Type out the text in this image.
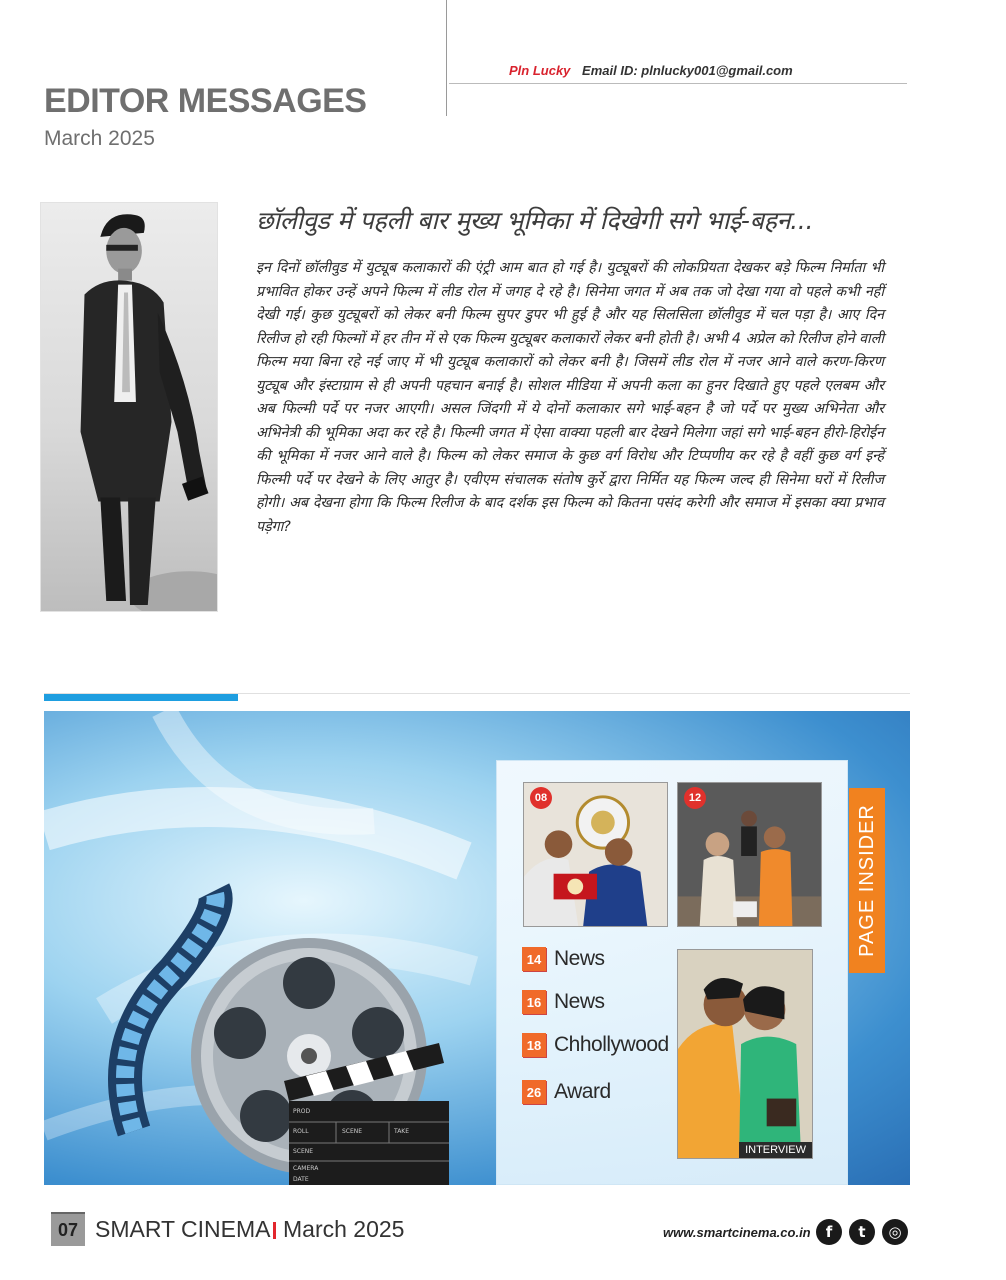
Pln Lucky Email ID: plnlucky001@gmail.com
EDITOR MESSAGES
March 2025
छॉलीवुड में पहली बार मुख्य भूमिका में दिखेगी सगे भाई-बहन...
इन दिनों छॉलीवुड में युट्यूब कलाकारों की एंट्री आम बात हो गई है। युट्यूबरों की लोकप्रियता देखकर बड़े फिल्म निर्माता भी प्रभावित होकर उन्हें अपने फिल्म में लीड रोल में जगह दे रहे है। सिनेमा जगत में अब तक जो देखा गया वो पहले कभी नहीं देखी गई। कुछ युट्यूबरों को लेकर बनी फिल्म सुपर डुपर भी हुई है और यह सिलसिला छॉलीवुड में चल पड़ा है। आए दिन रिलीज हो रही फिल्मों में हर तीन में से एक फिल्म युट्यूबर कलाकारों लेकर बनी होती है। अभी 4 अप्रेल को रिलीज होने वाली फिल्म मया बिना रहे नई जाए में भी युट्यूब कलाकारों को लेकर बनी है। जिसमें लीड रोल में नजर आने वाले करण-किरण युट्यूब और इंस्टाग्राम से ही अपनी पहचान बनाई है। सोशल मीडिया में अपनी कला का हुनर दिखाते हुए पहले एलबम और अब फिल्मी पर्दे पर नजर आएगी। असल जिंदगी में ये दोनों कलाकार सगे भाई-बहन है जो पर्दे पर मुख्य अभिनेता और अभिनेत्री की भूमिका अदा कर रहे है। फिल्मी जगत में ऐसा वाक्या पहली बार देखने मिलेगा जहां सगे भाई-बहन हीरो-हिरोईन की भूमिका में नजर आने वाले है। फिल्म को लेकर समाज के कुछ वर्ग विरोध और टिप्पणीय कर रहे है वहीं कुछ वर्ग इन्हें फिल्मी पर्दे पर देखने के लिए आतुर है। एवीएम संचालक संतोष कुर्रे द्वारा निर्मित यह फिल्म जल्द ही सिनेमा घरों में रिलीज होगी। अब देखना होगा कि फिल्म रिलीज के बाद दर्शक इस फिल्म को कितना पसंद करेगी और समाज में इसका क्या प्रभाव पड़ेगा?
PROD
ROLL	SCENE	TAKE
SCENE
CAMERA
DATE
PAGE INSIDER
08	12
INTERVIEW
14 News
16 News
18 Chhollywood
26 Award
07 SMART CINEMA March 2025	www.smartcinema.co.in	f	t	◎
